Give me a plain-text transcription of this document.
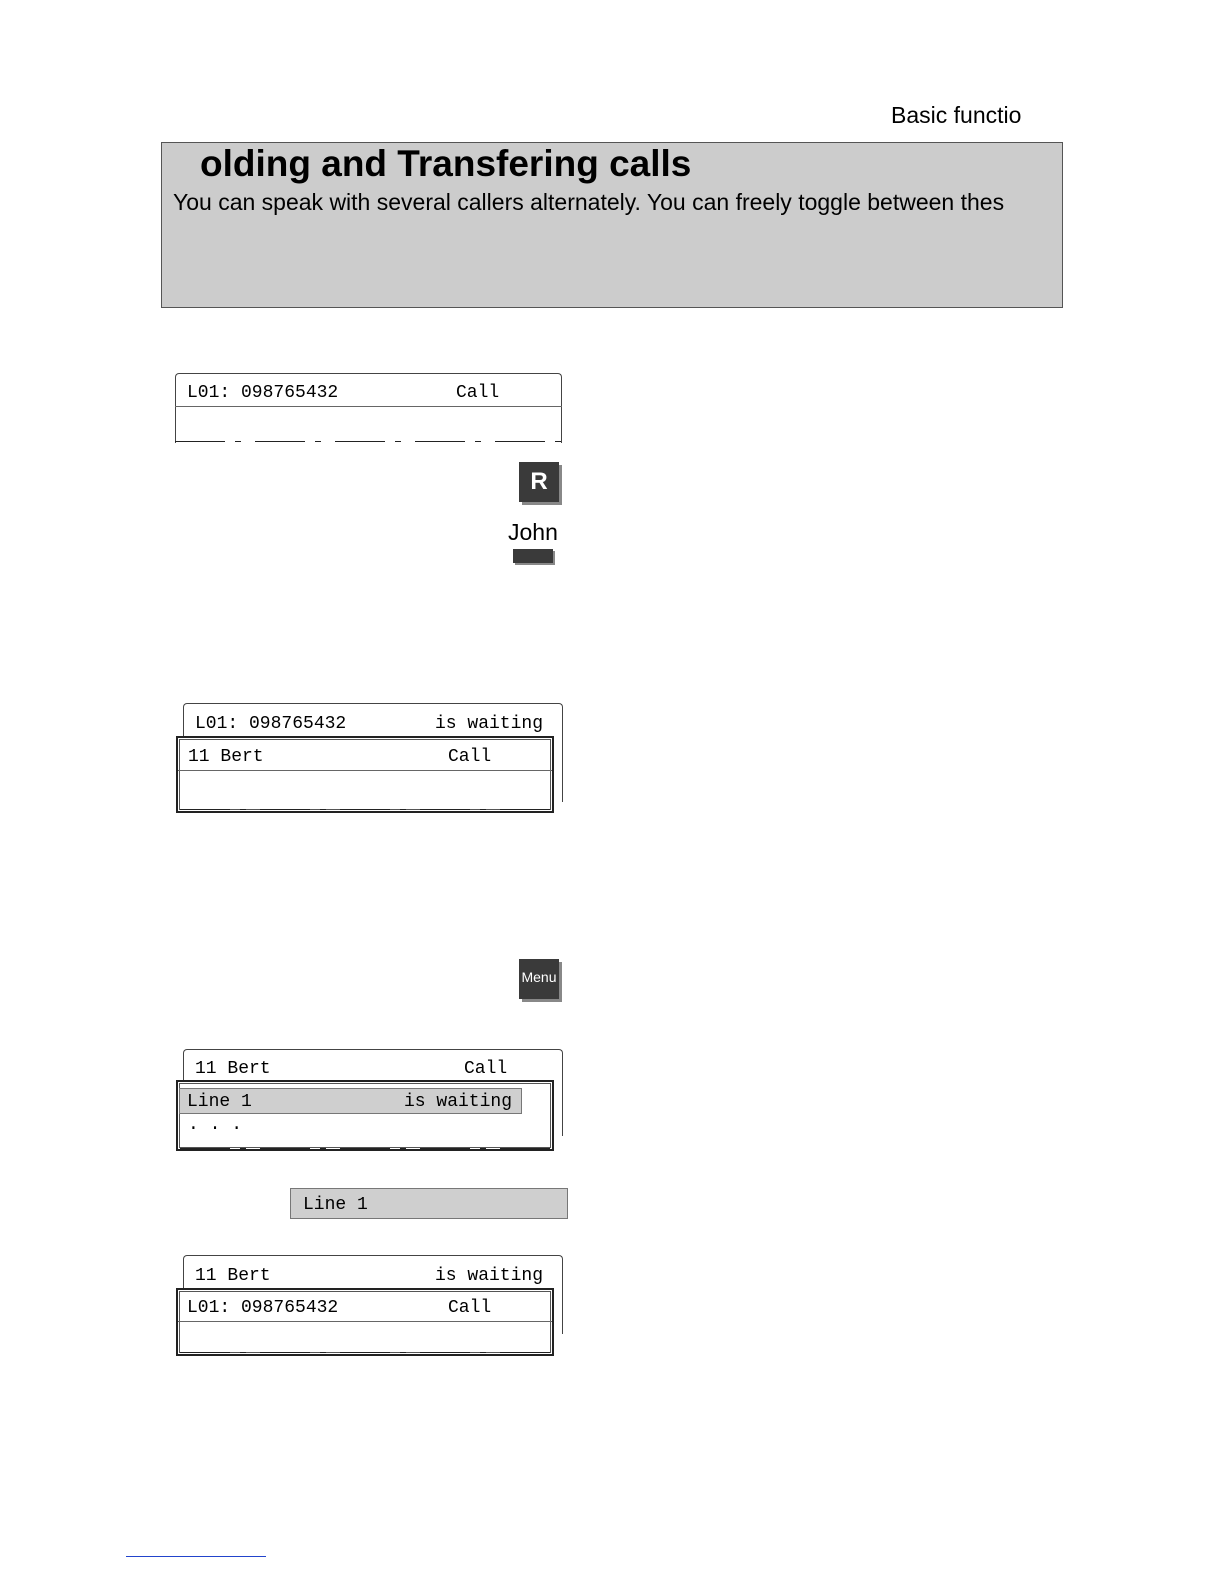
Basic functio
olding and Transfering calls
You can speak with several callers alternately. You can freely toggle between thes
L01: 098765432	Call
R
John
L01: 098765432	is waiting
11 Bert	Call
Menu
11 Bert	Call
Line 1	is waiting
. . .
Line 1
11 Bert	is waiting
L01: 098765432	Call
